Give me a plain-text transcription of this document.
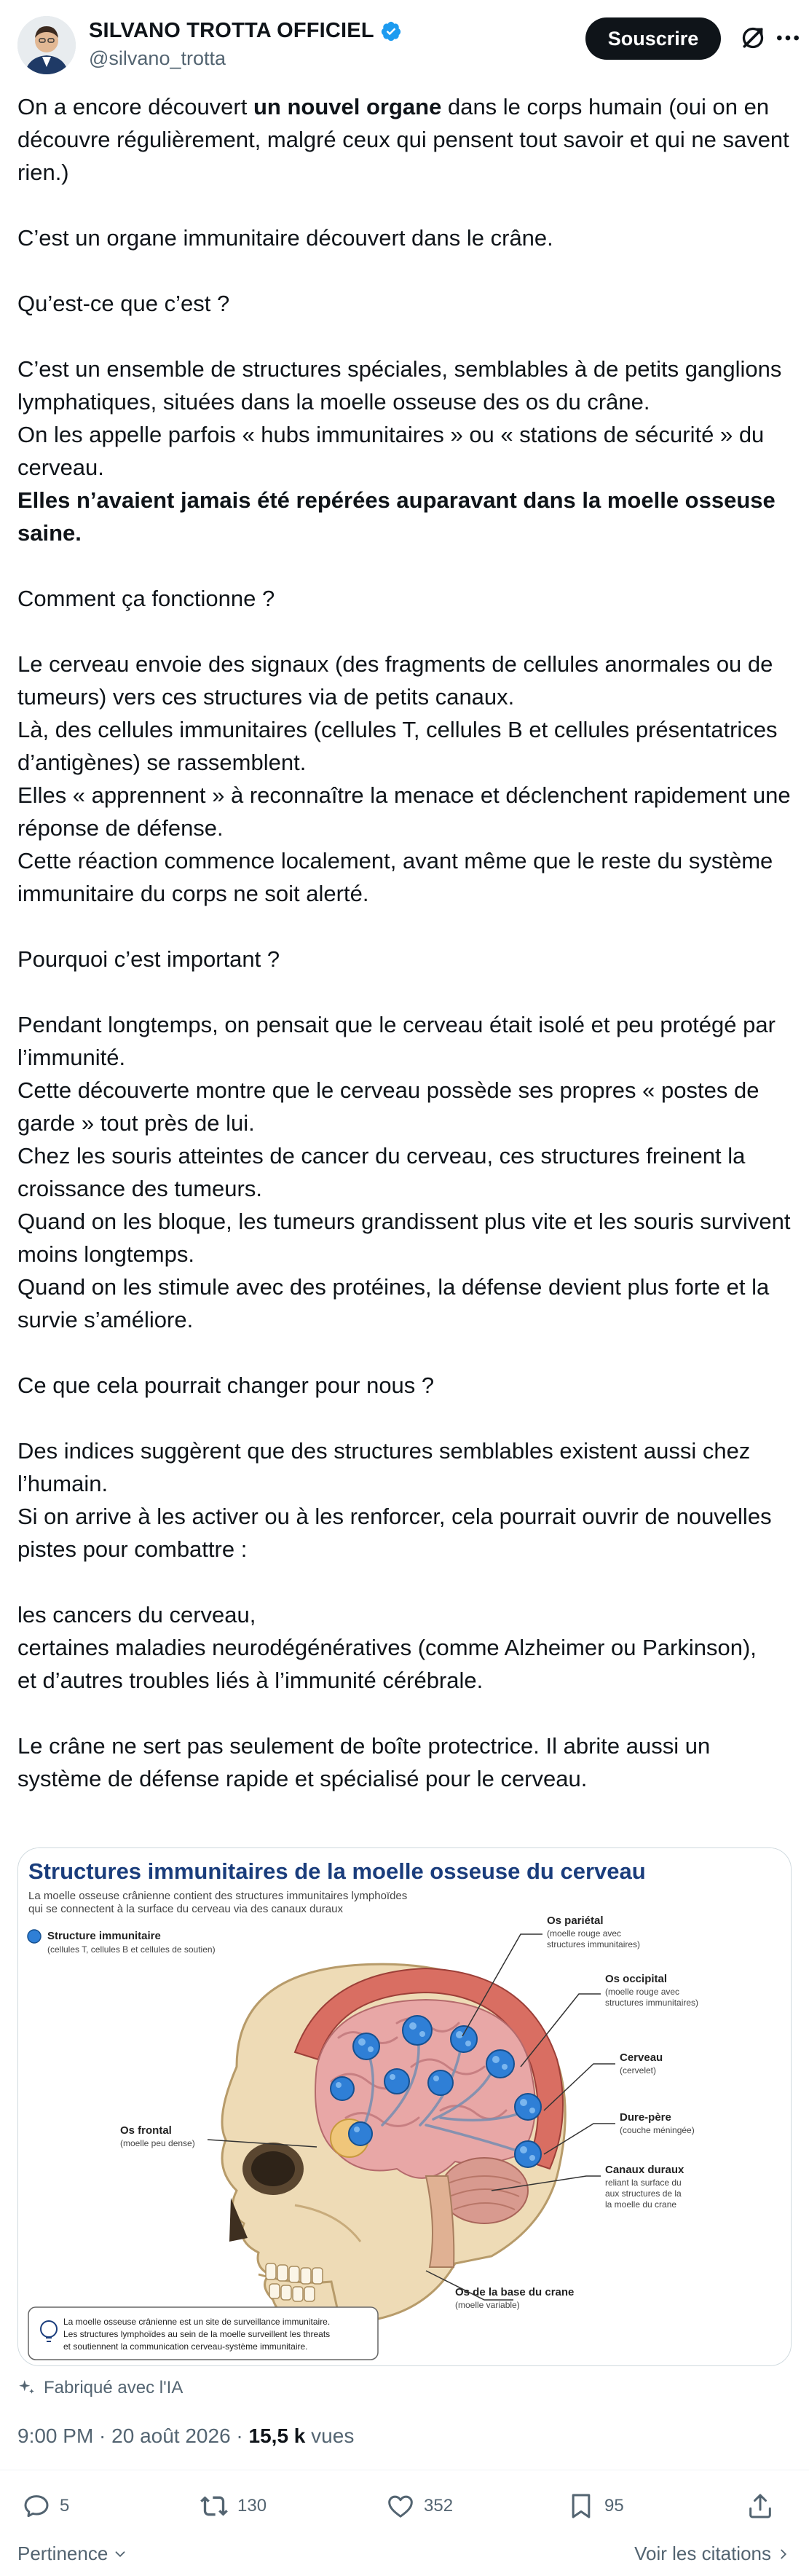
SILVANO TROTTA OFFICIEL
@silvano_trotta
Souscrire

On a encore découvert un nouvel organe dans le corps humain (oui on en découvre régulièrement, malgré ceux qui pensent tout savoir et qui ne savent rien.)

C’est un organe immunitaire découvert dans le crâne.

Qu’est-ce que c’est ?

C’est un ensemble de structures spéciales, semblables à de petits ganglions lymphatiques, situées dans la moelle osseuse des os du crâne.

On les appelle parfois « hubs immunitaires » ou « stations de sécurité » du cerveau.

Elles n’avaient jamais été repérées auparavant dans la moelle osseuse saine.

Comment ça fonctionne ?

Le cerveau envoie des signaux (des fragments de cellules anormales ou de tumeurs) vers ces structures via de petits canaux.

Là, des cellules immunitaires (cellules T, cellules B et cellules présentatrices d’antigènes) se rassemblent.

Elles « apprennent » à reconnaître la menace et déclenchent rapidement une réponse de défense.

Cette réaction commence localement, avant même que le reste du système immunitaire du corps ne soit alerté.

Pourquoi c’est important ?

Pendant longtemps, on pensait que le cerveau était isolé et peu protégé par l’immunité.

Cette découverte montre que le cerveau possède ses propres « postes de garde » tout près de lui.

Chez les souris atteintes de cancer du cerveau, ces structures freinent la croissance des tumeurs.

Quand on les bloque, les tumeurs grandissent plus vite et les souris survivent moins longtemps.

Quand on les stimule avec des protéines, la défense devient plus forte et la survie s’améliore.

Ce que cela pourrait changer pour nous ?

Des indices suggèrent que des structures semblables existent aussi chez l’humain.

Si on arrive à les activer ou à les renforcer, cela pourrait ouvrir de nouvelles pistes pour combattre :

les cancers du cerveau,

certaines maladies neurodégénératives (comme Alzheimer ou Parkinson),

et d’autres troubles liés à l’immunité cérébrale.

Le crâne ne sert pas seulement de boîte protectrice. Il abrite aussi un système de défense rapide et spécialisé pour le cerveau.

Structures immunitaires de la moelle osseuse du cerveau
La moelle osseuse crânienne contient des structures immunitaires lymphoïdes
qui se connectent à la surface du cerveau via des canaux duraux
Structure immunitaire
(cellules T, cellules B et cellules de soutien)
Os pariétal
(moelle rouge avec
structures immunitaires)
Os occipital
(moelle rouge avec
structures immunitaires)
Cerveau
(cervelet)
Dure-père
(couche méningée)
Canaux duraux
reliant la surface du
aux structures de la
la moelle du crane
Os frontal
(moelle peu dense)
Os de la base du crane
(moelle variable)
La moelle osseuse crânienne est un site de surveillance immunitaire.
Les structures lymphoïdes au sein de la moelle surveillent les threats
et soutiennent la communication cerveau-système immunitaire.
Fabriqué avec l'IA
9:00 PM · 20 août 2026 · 15,5 k vues
5	130	352	95
Pertinence	Voir les citations
